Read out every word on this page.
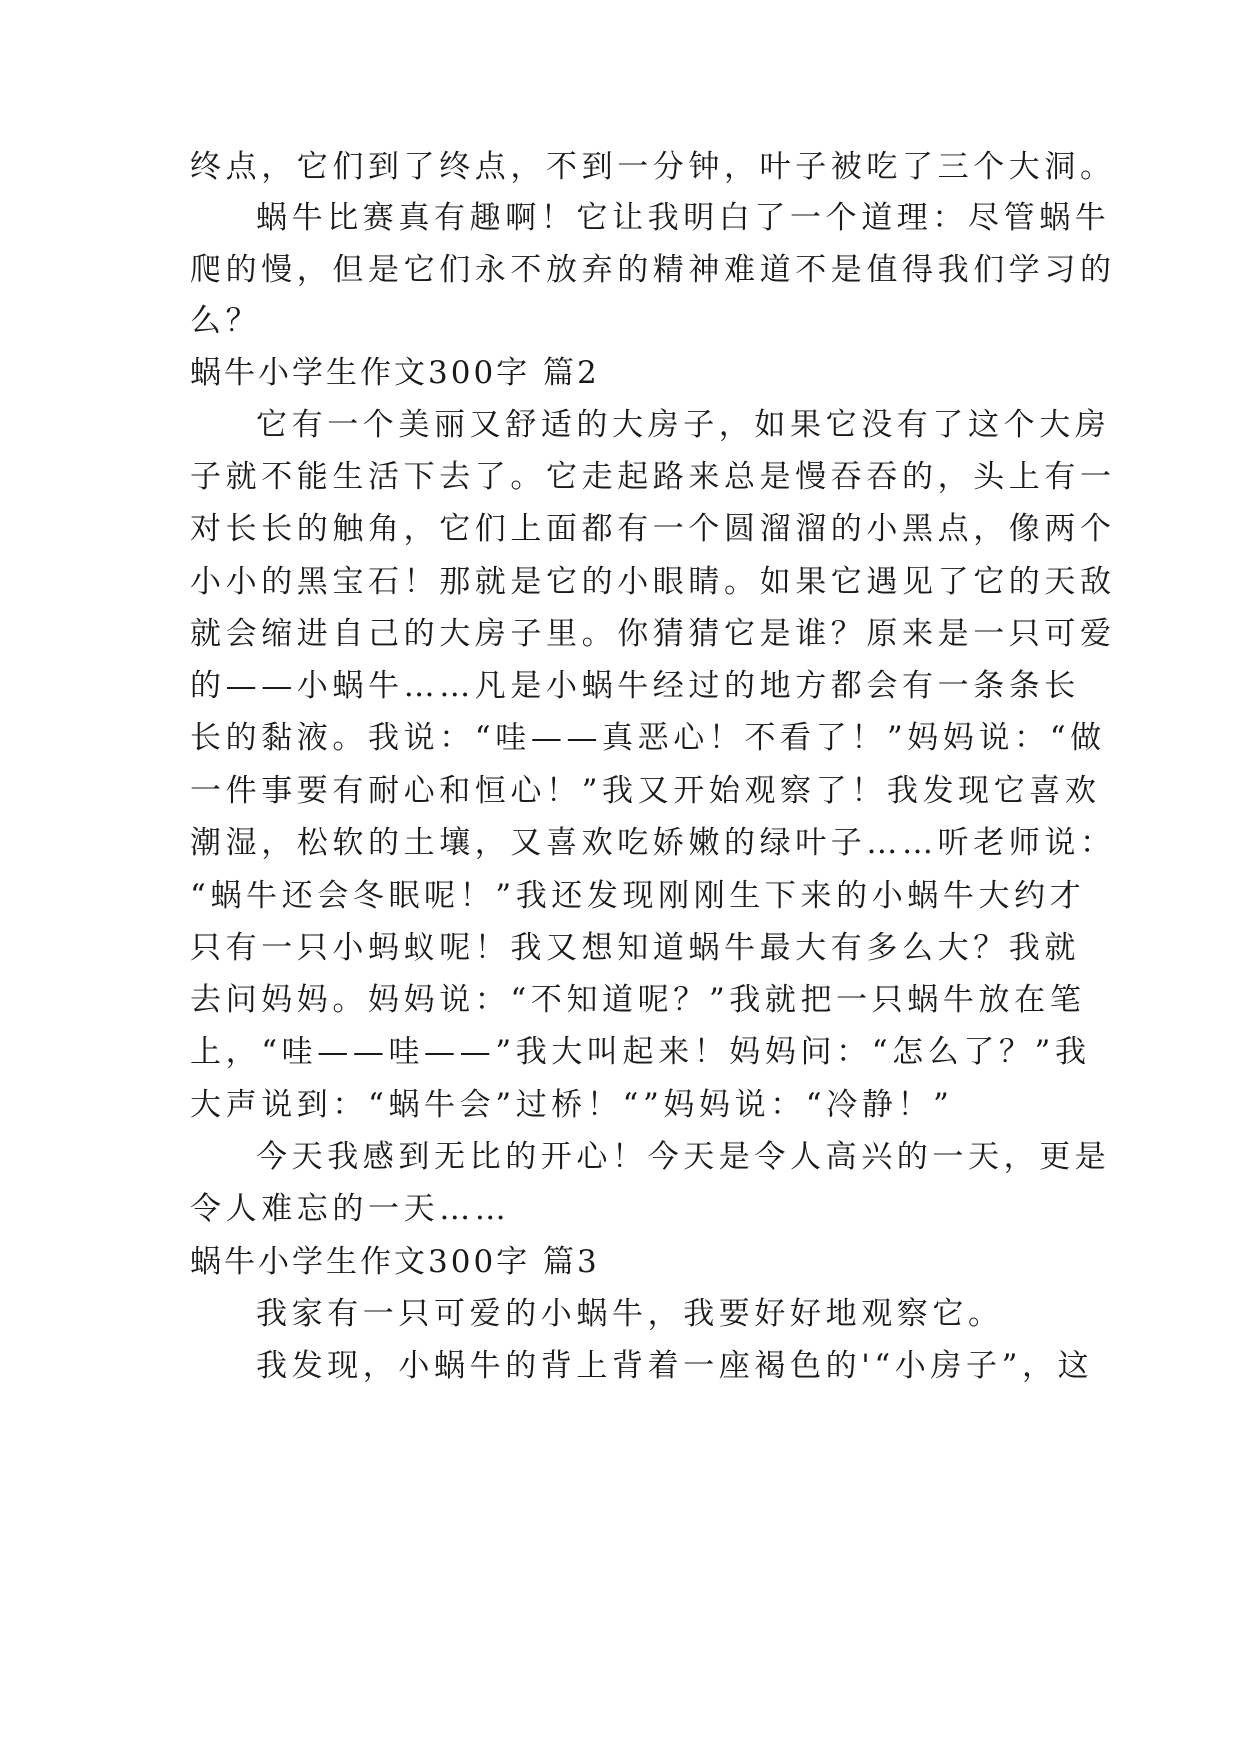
终点，它们到了终点，不到一分钟，叶子被吃了三个大洞。
蜗牛比赛真有趣啊！它让我明白了一个道理：尽管蜗牛
爬的慢，但是它们永不放弃的精神难道不是值得我们学习的
么？
蜗牛小学生作文300字 篇2
它有一个美丽又舒适的大房子，如果它没有了这个大房
子就不能生活下去了。它走起路来总是慢吞吞的，头上有一
对长长的触角，它们上面都有一个圆溜溜的小黑点，像两个
小小的黑宝石！那就是它的小眼睛。如果它遇见了它的天敌
就会缩进自己的大房子里。你猜猜它是谁？原来是一只可爱
的——小蜗牛……凡是小蜗牛经过的地方都会有一条条长
长的黏液。我说：“哇——真恶心！不看了！”妈妈说：“做
一件事要有耐心和恒心！”我又开始观察了！我发现它喜欢
潮湿，松软的土壤，又喜欢吃娇嫩的绿叶子……听老师说：
“蜗牛还会冬眠呢！”我还发现刚刚生下来的小蜗牛大约才
只有一只小蚂蚁呢！我又想知道蜗牛最大有多么大？我就
去问妈妈。妈妈说：“不知道呢？”我就把一只蜗牛放在笔
上，“哇——哇——”我大叫起来！妈妈问：“怎么了？”我
大声说到：“蜗牛会”过桥！“”妈妈说：“冷静！”
今天我感到无比的开心！今天是令人高兴的一天，更是
令人难忘的一天……
蜗牛小学生作文300字 篇3
我家有一只可爱的小蜗牛，我要好好地观察它。
我发现，小蜗牛的背上背着一座褐色的'“小房子”，这
